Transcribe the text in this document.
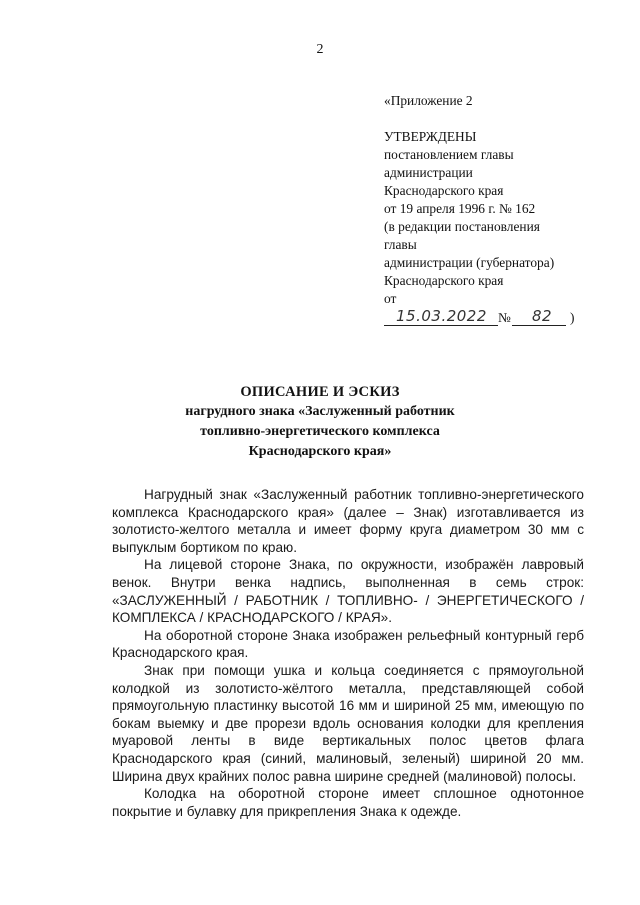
2
«Приложение 2
УТВЕРЖДЕНЫ
постановлением главы
администрации
Краснодарского края
от 19 апреля 1996 г. № 162
(в редакции постановления
главы
администрации (губернатора)
Краснодарского края
от
15.03.2022 № 82 )
ОПИСАНИЕ И ЭСКИЗ
нагрудного знака «Заслуженный работник
топливно-энергетического комплекса
Краснодарского края»

Нагрудный знак «Заслуженный работник топливно-энергетического комплекса Краснодарского края» (далее – Знак) изготавливается из золотисто-желтого металла и имеет форму круга диаметром 30 мм с выпуклым бортиком по краю.

На лицевой стороне Знака, по окружности, изображён лавровый венок. Внутри венка надпись, выполненная в семь строк: «ЗАСЛУЖЕННЫЙ / РАБОТНИК / ТОПЛИВНО- / ЭНЕРГЕТИЧЕСКОГО / КОМПЛЕКСА / КРАСНОДАРСКОГО / КРАЯ».

На оборотной стороне Знака изображен рельефный контурный герб Краснодарского края.

Знак при помощи ушка и кольца соединяется с прямоугольной колодкой из золотисто-жёлтого металла, представляющей собой прямоугольную пластинку высотой 16 мм и шириной 25 мм, имеющую по бокам выемку и две прорези вдоль основания колодки для крепления муаровой ленты в виде вертикальных полос цветов флага Краснодарского края (синий, малиновый, зеленый) шириной 20 мм. Ширина двух крайних полос равна ширине средней (малиновой) полосы.

Колодка на оборотной стороне имеет сплошное однотонное покрытие и булавку для прикрепления Знака к одежде.
